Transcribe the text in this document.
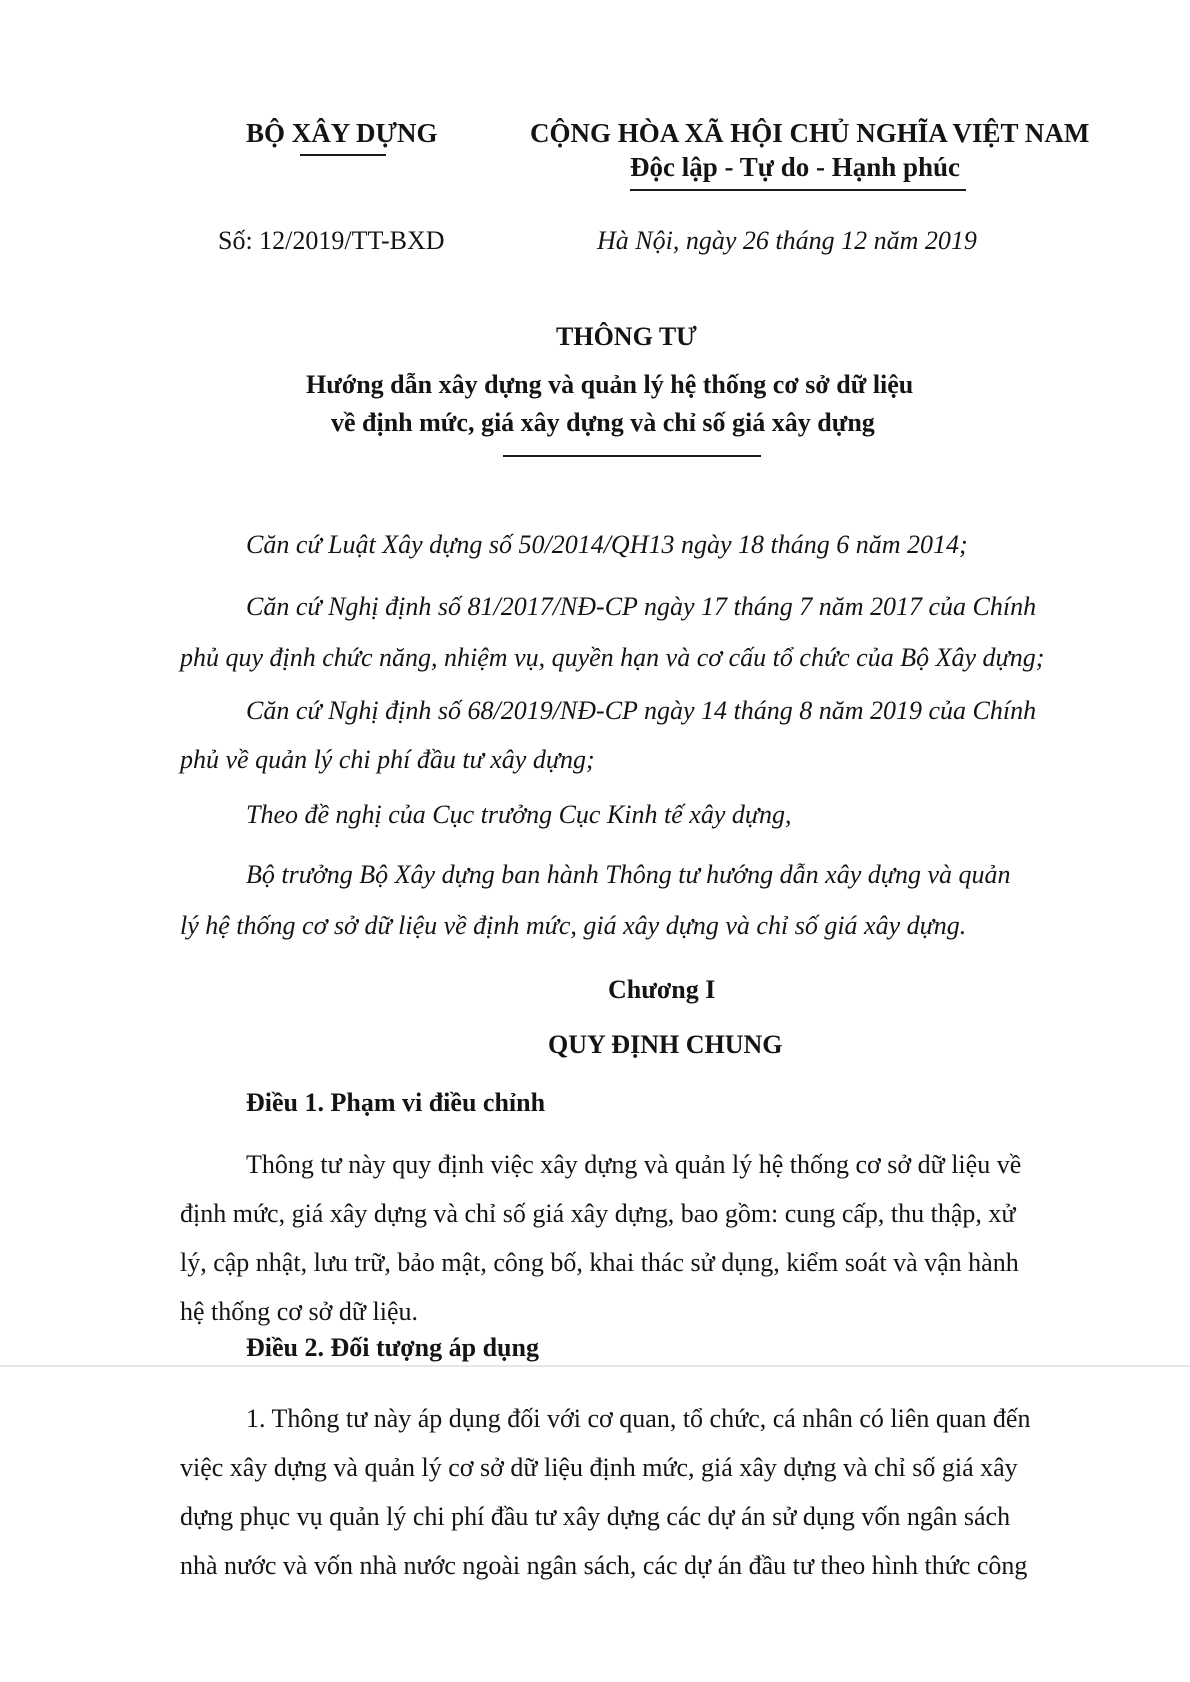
BỘ XÂY DỰNG	CỘNG HÒA XÃ HỘI CHỦ NGHĨA VIỆT NAM
Độc lập - Tự do - Hạnh phúc
Số: 12/2019/TT-BXD	Hà Nội, ngày 26 tháng 12 năm 2019
THÔNG TƯ
Hướng dẫn xây dựng và quản lý hệ thống cơ sở dữ liệu
về định mức, giá xây dựng và chỉ số giá xây dựng
Căn cứ Luật Xây dựng số 50/2014/QH13 ngày 18 tháng 6 năm 2014;
Căn cứ Nghị định số 81/2017/NĐ-CP ngày 17 tháng 7 năm 2017 của Chính
phủ quy định chức năng, nhiệm vụ, quyền hạn và cơ cấu tổ chức của Bộ Xây dựng;
Căn cứ Nghị định số 68/2019/NĐ-CP ngày 14 tháng 8 năm 2019 của Chính
phủ về quản lý chi phí đầu tư xây dựng;
Theo đề nghị của Cục trưởng Cục Kinh tế xây dựng,
Bộ trưởng Bộ Xây dựng ban hành Thông tư hướng dẫn xây dựng và quản
lý hệ thống cơ sở dữ liệu về định mức, giá xây dựng và chỉ số giá xây dựng.
Chương I
QUY ĐỊNH CHUNG
Điều 1. Phạm vi điều chỉnh
Thông tư này quy định việc xây dựng và quản lý hệ thống cơ sở dữ liệu về
định mức, giá xây dựng và chỉ số giá xây dựng, bao gồm: cung cấp, thu thập, xử
lý, cập nhật, lưu trữ, bảo mật, công bố, khai thác sử dụng, kiểm soát và vận hành
hệ thống cơ sở dữ liệu.
Điều 2. Đối tượng áp dụng
1. Thông tư này áp dụng đối với cơ quan, tổ chức, cá nhân có liên quan đến
việc xây dựng và quản lý cơ sở dữ liệu định mức, giá xây dựng và chỉ số giá xây
dựng phục vụ quản lý chi phí đầu tư xây dựng các dự án sử dụng vốn ngân sách
nhà nước và vốn nhà nước ngoài ngân sách, các dự án đầu tư theo hình thức công
